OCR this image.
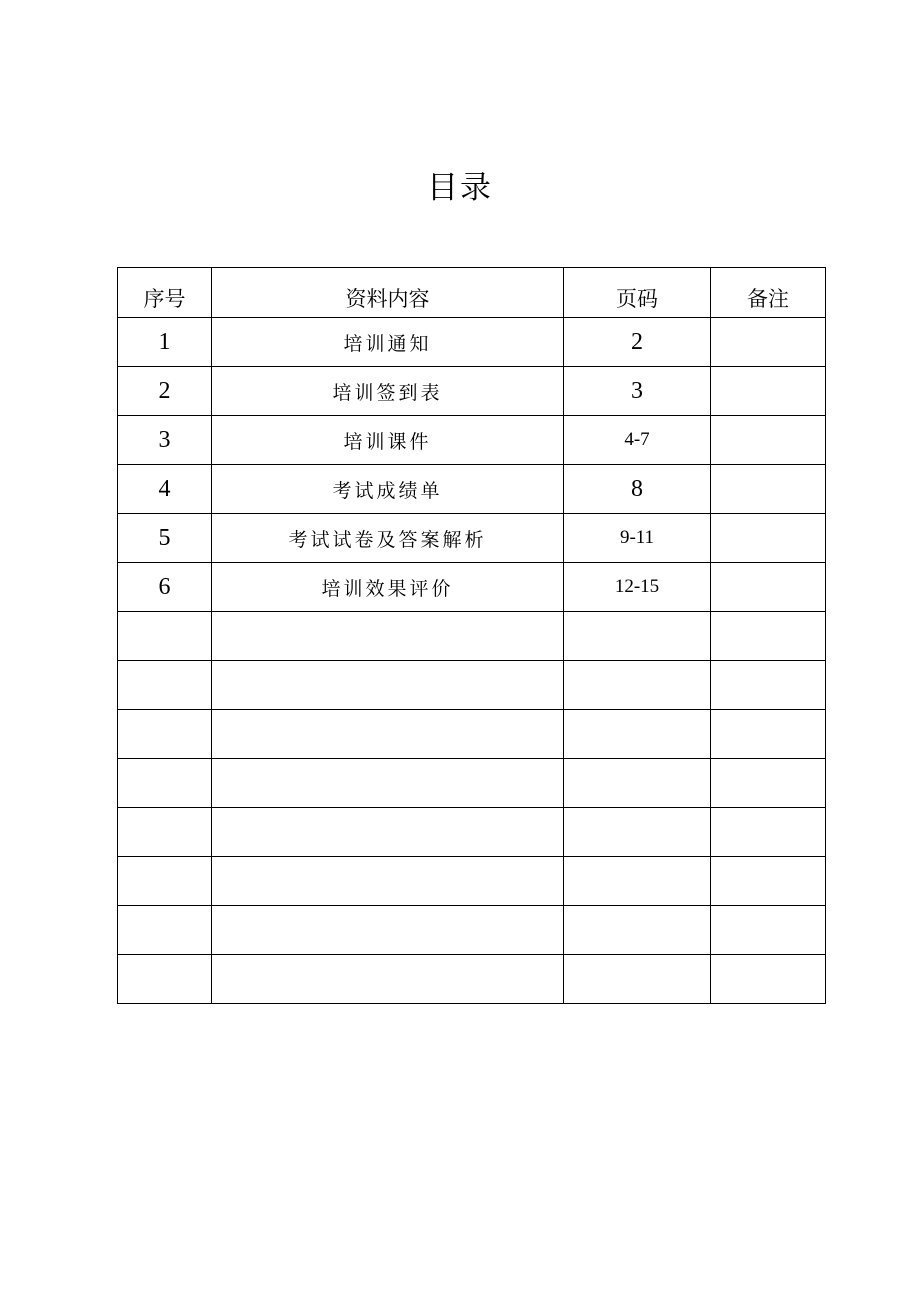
目录
序号	资料内容	页码	备注
1	培训通知	2	
2	培训签到表	3	
3	培训课件	4-7	
4	考试成绩单	8	
5	考试试卷及答案解析	9-11	
6	培训效果评价	12-15	
